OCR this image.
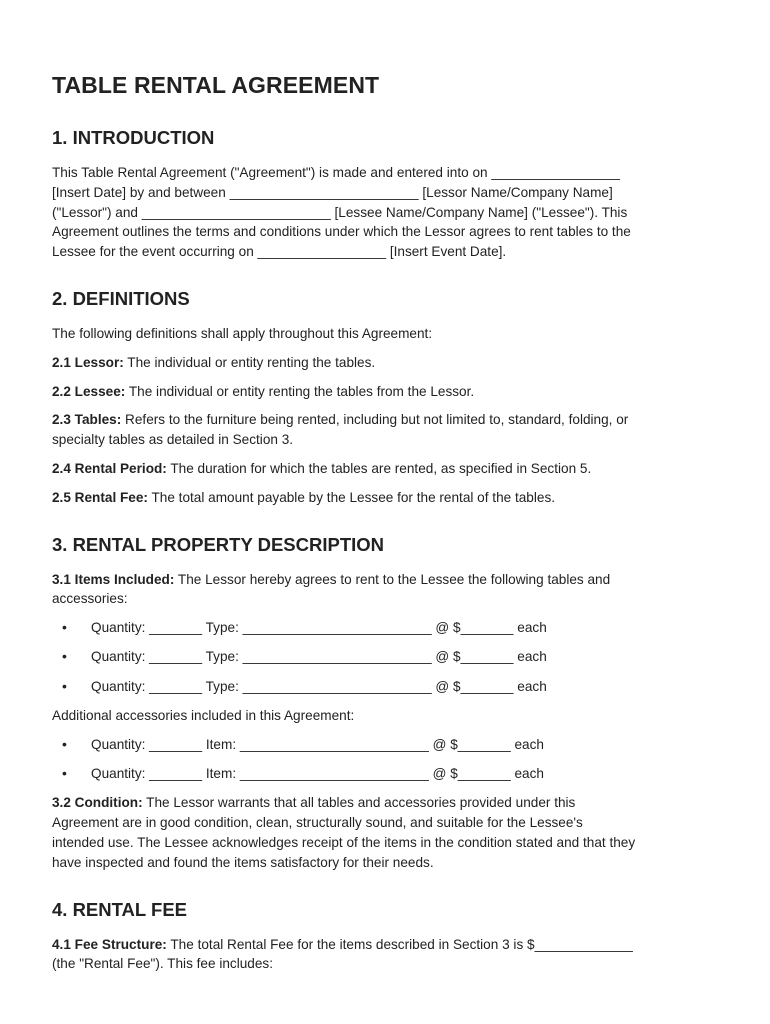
TABLE RENTAL AGREEMENT
1. INTRODUCTION

This Table Rental Agreement ("Agreement") is made and entered into on _________________
[Insert Date] by and between _________________________ [Lessor Name/Company Name]
("Lessor") and _________________________ [Lessee Name/Company Name] ("Lessee"). This
Agreement outlines the terms and conditions under which the Lessor agrees to rent tables to the
Lessee for the event occurring on _________________ [Insert Event Date].

2. DEFINITIONS

The following definitions shall apply throughout this Agreement:

2.1 Lessor: The individual or entity renting the tables.

2.2 Lessee: The individual or entity renting the tables from the Lessor.

2.3 Tables: Refers to the furniture being rented, including but not limited to, standard, folding, or
specialty tables as detailed in Section 3.

2.4 Rental Period: The duration for which the tables are rented, as specified in Section 5.

2.5 Rental Fee: The total amount payable by the Lessee for the rental of the tables.

3. RENTAL PROPERTY DESCRIPTION

3.1 Items Included: The Lessor hereby agrees to rent to the Lessee the following tables and
accessories:

• Quantity: _______ Type: _________________________ @ $_______ each
• Quantity: _______ Type: _________________________ @ $_______ each
• Quantity: _______ Type: _________________________ @ $_______ each

Additional accessories included in this Agreement:

• Quantity: _______ Item: _________________________ @ $_______ each
• Quantity: _______ Item: _________________________ @ $_______ each

3.2 Condition: The Lessor warrants that all tables and accessories provided under this
Agreement are in good condition, clean, structurally sound, and suitable for the Lessee's
intended use. The Lessee acknowledges receipt of the items in the condition stated and that they
have inspected and found the items satisfactory for their needs.

4. RENTAL FEE

4.1 Fee Structure: The total Rental Fee for the items described in Section 3 is $_____________
(the "Rental Fee"). This fee includes:
